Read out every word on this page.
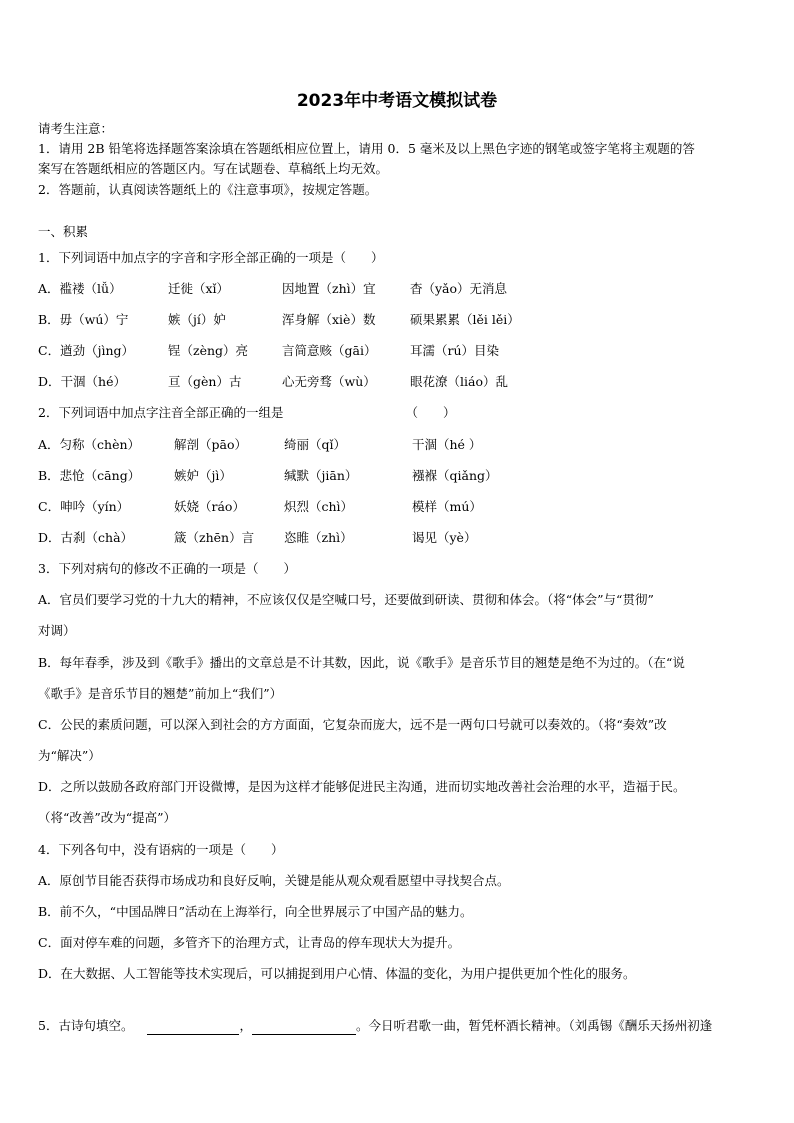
2023年中考语文模拟试卷
请考生注意：
1．请用 2B 铅笔将选择题答案涂填在答题纸相应位置上，请用 0．5 毫米及以上黑色字迹的钢笔或签字笔将主观题的答
案写在答题纸相应的答题区内。写在试题卷、草稿纸上均无效。
2．答题前，认真阅读答题纸上的《注意事项》，按规定答题。
一、积累
1．下列词语中加点字的字音和字形全部正确的一项是（　　）
A．褴褛（lǚ）	迁徙（xǐ）	因地置（zhì）宜	杳（yǎo）无消息
B．毋（wú）宁	嫉（jí）妒	浑身解（xiè）数	硕果累累（lěi lěi）
C．遒劲（jìng）	锃（zèng）亮	言简意赅（gāi）	耳濡（rú）目染
D．干涸（hé）	亘（gèn）古	心无旁骛（wù）	眼花潦（liáo）乱
2．下列词语中加点字注音全部正确的一组是	（　　）
A．匀称（chèn）	解剖（pāo）	绮丽（qǐ）	干涸（hé ）
B．悲怆（cāng）	嫉妒（jì）	缄默（jiān）	襁褓（qiǎng）
C．呻吟（yín）	妖娆（ráo）	炽烈（chì）	模样（mú）
D．古刹（chà）	箴（zhēn）言 恣睢（zhì）	谒见（yè）
3．下列对病句的修改不正确的一项是（　　）
A．官员们要学习党的十九大的精神，不应该仅仅是空喊口号，还要做到研读、贯彻和体会。（将“体会”与“贯彻”
对调）
B．每年春季，涉及到《歌手》播出的文章总是不计其数，因此，说《歌手》是音乐节目的翘楚是绝不为过的。（在“说
《歌手》是音乐节目的翘楚”前加上“我们”）
C．公民的素质问题，可以深入到社会的方方面面，它复杂而庞大，远不是一两句口号就可以奏效的。（将“奏效”改
为“解决”）
D．之所以鼓励各政府部门开设微博，是因为这样才能够促进民主沟通，进而切实地改善社会治理的水平，造福于民。
（将“改善”改为“提高”）
4．下列各句中，没有语病的一项是（　　）
A．原创节目能否获得市场成功和良好反响，关键是能从观众观看愿望中寻找契合点。
B．前不久，“中国品牌日”活动在上海举行，向全世界展示了中国产品的魅力。
C．面对停车难的问题，多管齐下的治理方式，让青岛的停车现状大为提升。
D．在大数据、人工智能等技术实现后，可以捕捉到用户心情、体温的变化，为用户提供更加个性化的服务。
5．古诗句填空。	，	。今日听君歌一曲，暂凭杯酒长精神。（刘禹锡《酬乐天扬州初逢
